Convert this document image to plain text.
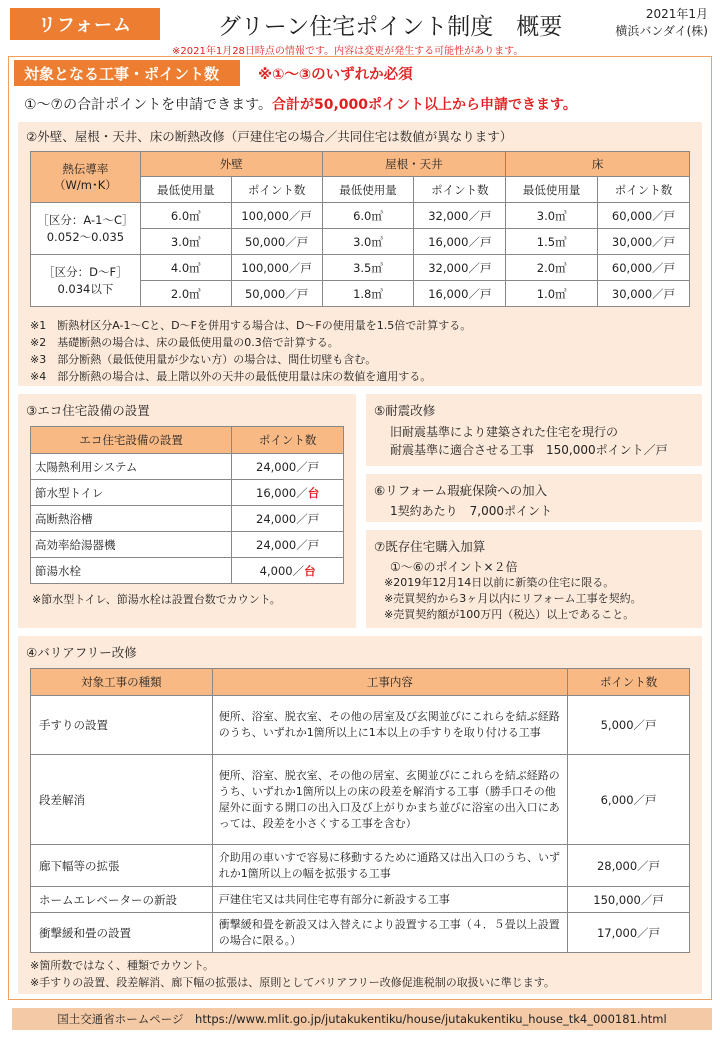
リフォーム	グリーン住宅ポイント制度　概要	2021年1月
横浜バンダイ(株)
※2021年1月28日時点の情報です。内容は変更が発生する可能性があります。
対象となる工事・ポイント数	※①～③のいずれか必須
①～⑦の合計ポイントを申請できます。合計が50,000ポイント以上から申請できます。
②外壁、屋根・天井、床の断熱改修（戸建住宅の場合／共同住宅は数値が異なります）
熱伝導率
（W/m･K）	外壁		屋根・天井		床	
	最低使用量	ポイント数	最低使用量	ポイント数	最低使用量	ポイント数
［区分：A-1～C］
0.052～0.035	6.0㎥	100,000／戸	6.0㎥	32,000／戸	3.0㎥	60,000／戸
	3.0㎥	50,000／戸	3.0㎥	16,000／戸	1.5㎥	30,000／戸
［区分：D～F］
0.034以下	4.0㎥	100,000／戸	3.5㎥	32,000／戸	2.0㎥	60,000／戸
	2.0㎥	50,000／戸	1.8㎥	16,000／戸	1.0㎥	30,000／戸
※1　断熱材区分A-1～Cと、D～Fを併用する場合は、D～Fの使用量を1.5倍で計算する。
※2　基礎断熱の場合は、床の最低使用量の0.3倍で計算する。
※3　部分断熱（最低使用量が少ない方）の場合は、間仕切壁も含む。
※4　部分断熱の場合は、最上階以外の天井の最低使用量は床の数値を適用する。
③エコ住宅設備の設置
エコ住宅設備の設置	ポイント数
太陽熱利用システム	24,000／戸
節水型トイレ	16,000／台
高断熱浴槽	24,000／戸
高効率給湯器機	24,000／戸
節湯水栓	4,000／台
※節水型トイレ、節湯水栓は設置台数でカウント。
⑤耐震改修
旧耐震基準により建築された住宅を現行の
耐震基準に適合させる工事　150,000ポイント／戸
⑥リフォーム瑕疵保険への加入
1契約あたり　7,000ポイント
⑦既存住宅購入加算
①～⑥のポイント×２倍
※2019年12月14日以前に新築の住宅に限る。
※売買契約から3ヶ月以内にリフォーム工事を契約。
※売買契約額が100万円（税込）以上であること。
④バリアフリー改修
対象工事の種類	工事内容	ポイント数
手すりの設置	便所、浴室、脱衣室、その他の居室及び玄関並びにこれらを結ぶ経路のうち、いずれか1箇所以上に1本以上の手すりを取り付ける工事	5,000／戸
段差解消	便所、浴室、脱衣室、その他の居室、玄関並びにこれらを結ぶ経路のうち、いずれか1箇所以上の床の段差を解消する工事（勝手口その他屋外に面する開口の出入口及び上がりかまち並びに浴室の出入口にあっては、段差を小さくする工事を含む）	6,000／戸
廊下幅等の拡張	介助用の車いすで容易に移動するために通路又は出入口のうち、いずれか1箇所以上の幅を拡張する工事	28,000／戸
ホームエレベーターの新設	戸建住宅又は共同住宅専有部分に新設する工事	150,000／戸
衝撃緩和畳の設置	衝撃緩和畳を新設又は入替えにより設置する工事（４．５畳以上設置の場合に限る。）	17,000／戸
※箇所数ではなく、種類でカウント。
※手すりの設置、段差解消、廊下幅の拡張は、原則としてバリアフリー改修促進税制の取扱いに準じます。
国土交通省ホームページ　https://www.mlit.go.jp/jutakukentiku/house/jutakukentiku_house_tk4_000181.html
